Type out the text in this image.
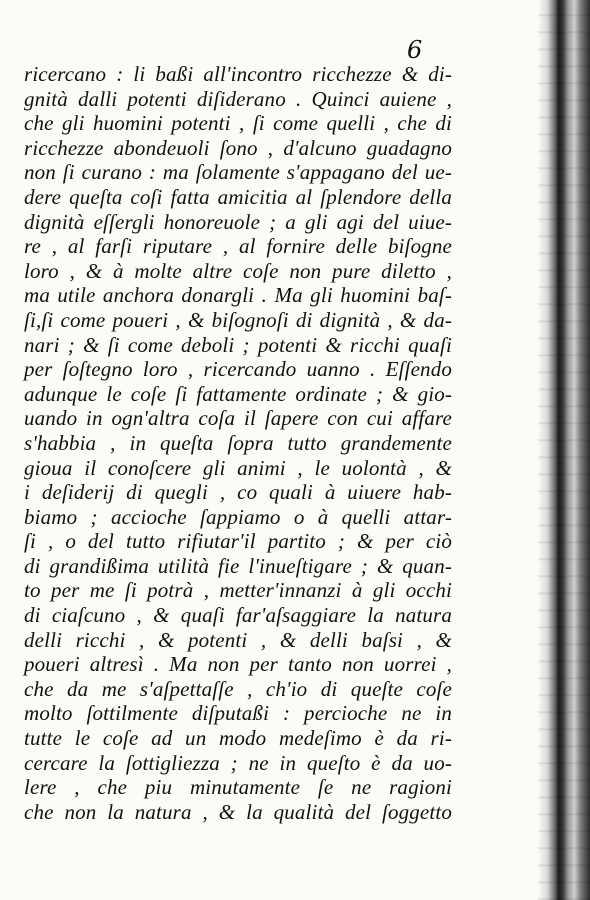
6
ricercano : li baßi all'incontro ricchezze & di-
gnità dalli potenti diſiderano . Quinci auiene ,
che gli huomini potenti , ſi come quelli , che di
ricchezze abondeuoli ſono , d'alcuno guadagno
non ſi curano : ma ſolamente s'appagano del ue-
dere queſta coſi fatta amicitia al ſplendore della
dignità eſſergli honoreuole ; a gli agi del uiue-
re , al farſi riputare , al fornire delle biſogne
loro , & à molte altre coſe non pure diletto ,
ma utile anchora donargli . Ma gli huomini baſ-
ſi,ſi come poueri , & biſognoſi di dignità , & da-
nari ; & ſi come deboli ; potenti & ricchi quaſi
per ſoſtegno loro , ricercando uanno . Eſſendo
adunque le coſe ſi fattamente ordinate ; & gio-
uando in ogn'altra coſa il ſapere con cui affare
s'habbia , in queſta ſopra tutto grandemente
gioua il conoſcere gli animi , le uolontà , &
i deſiderij di quegli , co quali à uiuere hab-
biamo ; accioche ſappiamo o à quelli attar-
ſi , o del tutto rifiutar'il partito ; & per ciò
di grandißima utilità fie l'inueſtigare ; & quan-
to per me ſi potrà , metter'innanzi à gli occhi
di ciaſcuno , & quaſi far'aſsaggiare la natura
delli ricchi , & potenti , & delli baſsi , &
poueri altresì . Ma non per tanto non uorrei ,
che da me s'aſpettaſſe , ch'io di queſte coſe
molto ſottilmente diſputaßi : percioche ne in
tutte le coſe ad un modo medeſimo è da ri-
cercare la ſottigliezza ; ne in queſto è da uo-
lere , che piu minutamente ſe ne ragioni
che non la natura , & la qualità del ſoggetto
